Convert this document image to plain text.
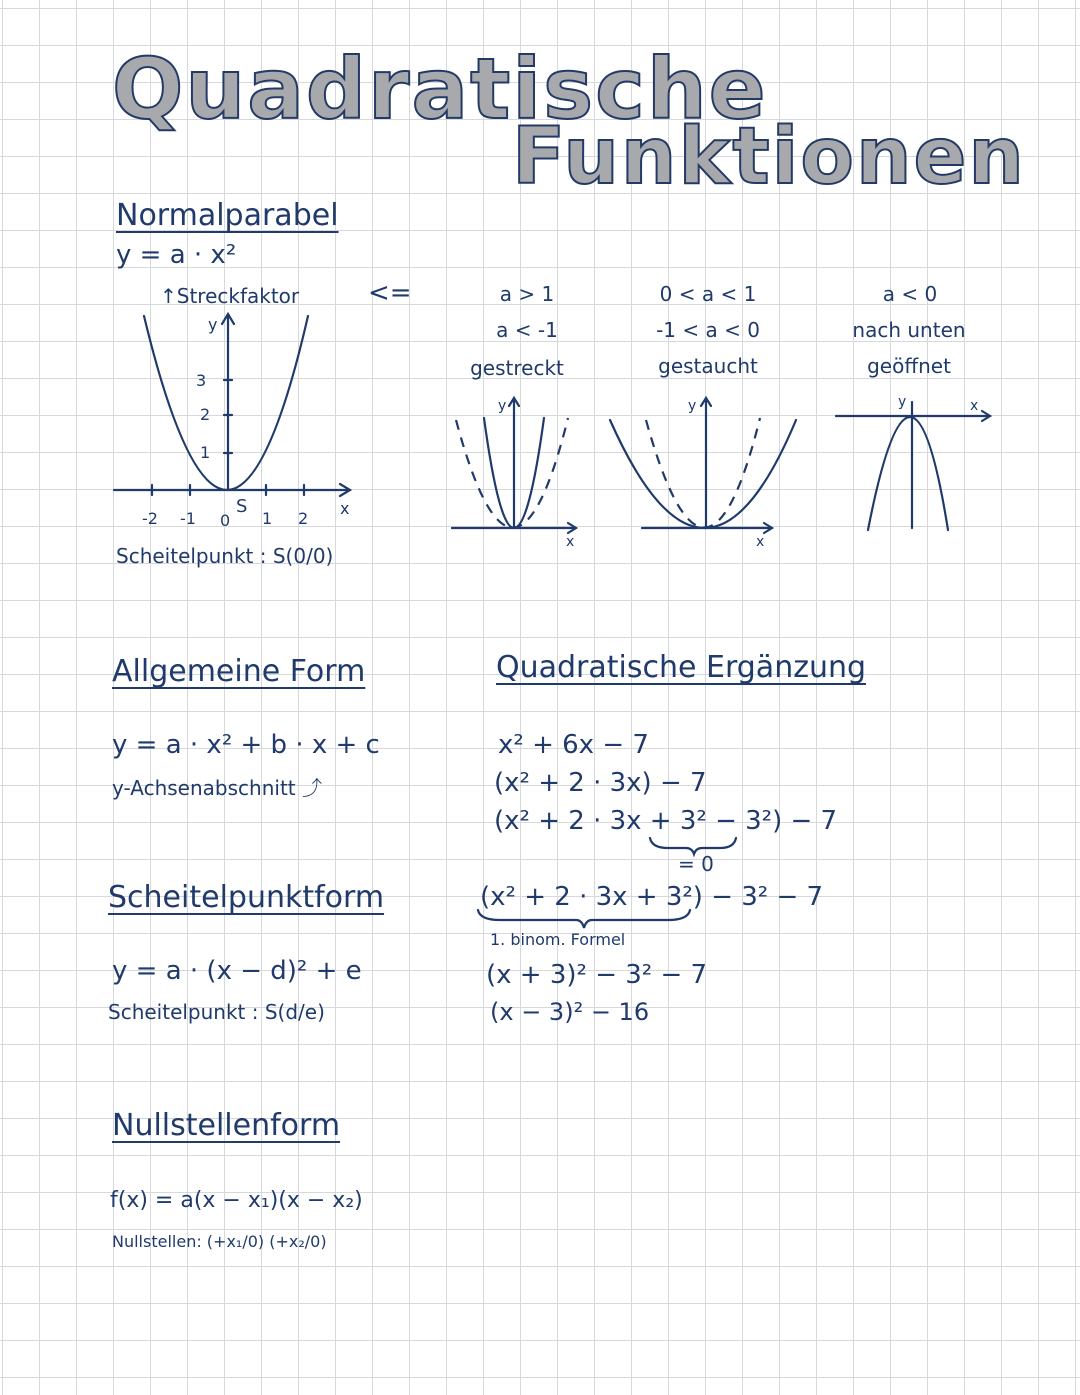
Quadratische
Funktionen
Normalparabel
y = a · x²
↑Streckfaktor	<=
y
x
1
2
3
-2 -1 0 1 2
S
Scheitelpunkt : S(0/0)
a > 1
a < -1
gestreckt
0 < a < 1
-1 < a < 0
gestaucht
a < 0
nach unten
geöffnet
y
x
y
x
y	x
Allgemeine Form
y = a · x² + b · x + c
y-Achsenabschnitt ⤴
Scheitelpunktform
y = a · (x − d)² + e
Scheitelpunkt : S(d/e)
Nullstellenform
f(x) = a(x − x₁)(x − x₂)
Nullstellen: (+x₁/0) (+x₂/0)
Quadratische Ergänzung
x² + 6x − 7
(x² + 2 · 3x) − 7
(x² + 2 · 3x + 3² − 3²) − 7
= 0
(x² + 2 · 3x + 3²) − 3² − 7
1. binom. Formel
(x + 3)² − 3² − 7
(x − 3)² − 16
